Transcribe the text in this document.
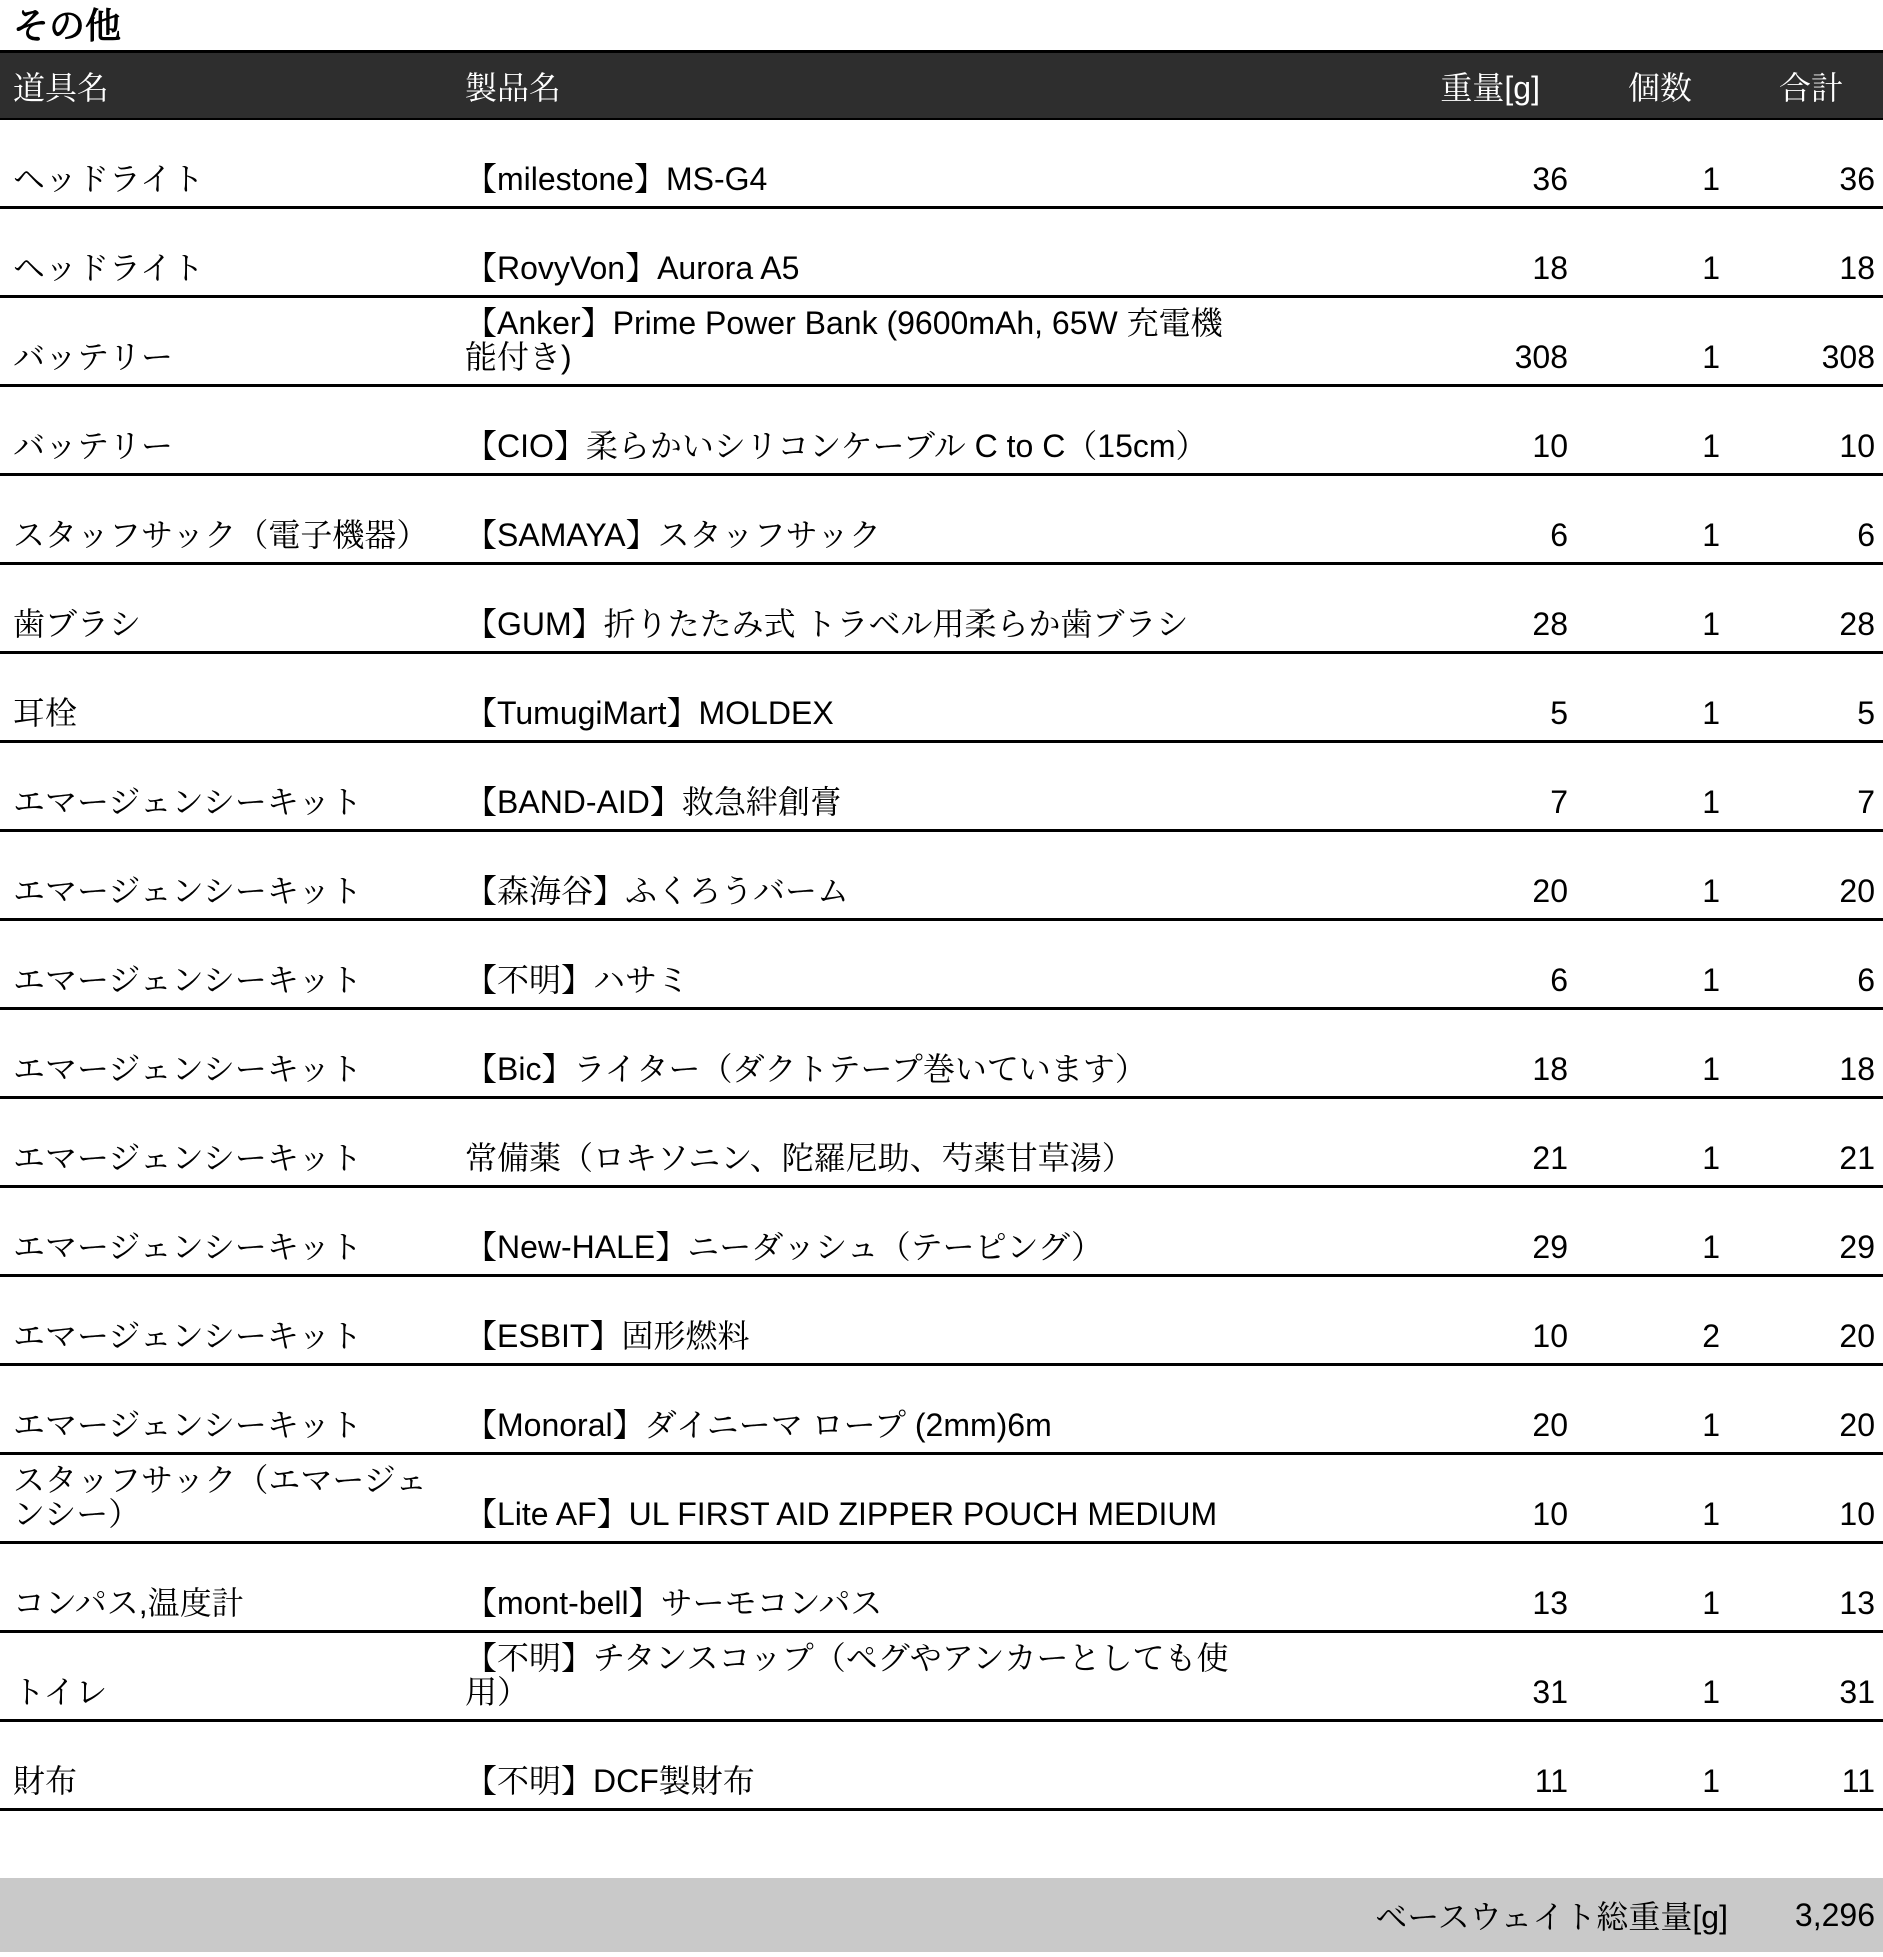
その他
道具名	製品名	重量[g]	個数	合計
ヘッドライト	【milestone】MS-G4	36	1	36
ヘッドライト	【RovyVon】Aurora A5	18	1	18
バッテリー	【Anker】Prime Power Bank (9600mAh, 65W 充電機能付き)	308	1	308
バッテリー	【CIO】柔らかいシリコンケーブル C to C（15cm）	10	1	10
スタッフサック（電子機器）	【SAMAYA】スタッフサック	6	1	6
歯ブラシ	【GUM】折りたたみ式 トラベル用柔らか歯ブラシ	28	1	28
耳栓	【TumugiMart】MOLDEX	5	1	5
エマージェンシーキット	【BAND-AID】救急絆創膏	7	1	7
エマージェンシーキット	【森海谷】ふくろうバーム	20	1	20
エマージェンシーキット	【不明】ハサミ	6	1	6
エマージェンシーキット	【Bic】ライター（ダクトテープ巻いています）	18	1	18
エマージェンシーキット	常備薬（ロキソニン、陀羅尼助、芍薬甘草湯）	21	1	21
エマージェンシーキット	【New-HALE】ニーダッシュ（テーピング）	29	1	29
エマージェンシーキット	【ESBIT】固形燃料	10	2	20
エマージェンシーキット	【Monoral】ダイニーマ ロープ (2mm)6m	20	1	20
スタッフサック（エマージェンシー）	【Lite AF】UL FIRST AID ZIPPER POUCH MEDIUM	10	1	10
コンパス,温度計	【mont-bell】サーモコンパス	13	1	13
トイレ	【不明】チタンスコップ（ペグやアンカーとしても使用）	31	1	31
財布	【不明】DCF製財布	11	1	11
ベースウェイト総重量[g]	3,296
